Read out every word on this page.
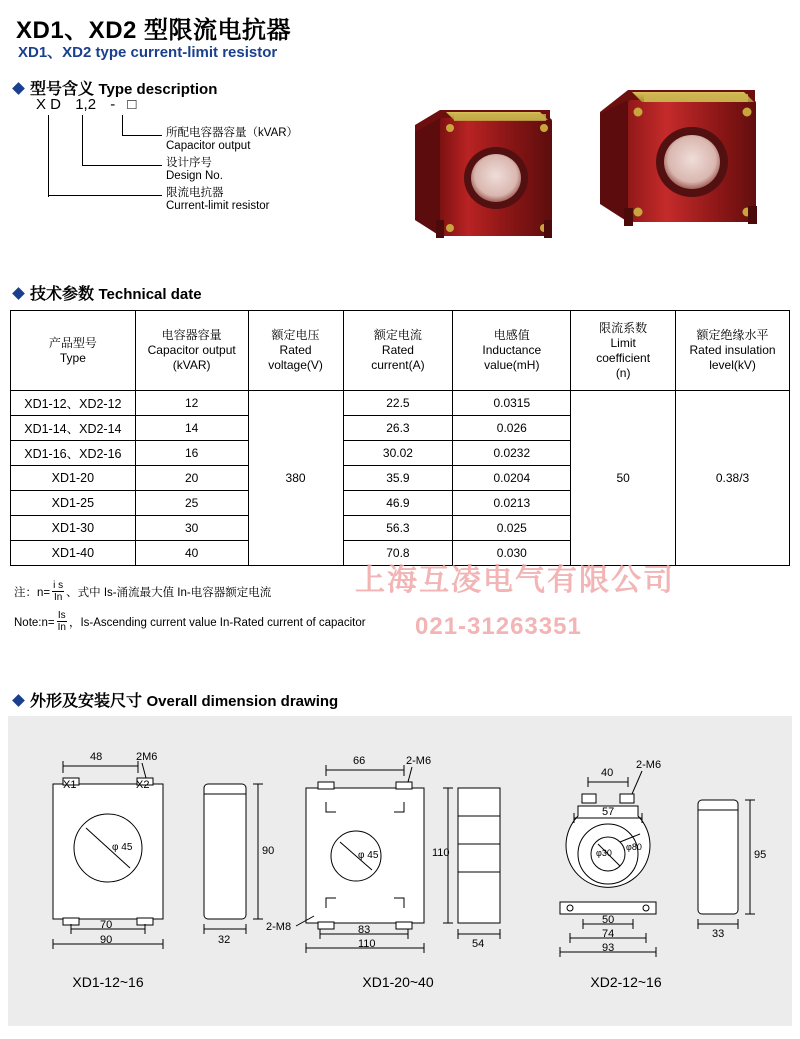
XD1、XD2 型限流电抗器
XD1、XD2 type current-limit resistor
型号含义 Type description
X D 1,2 - □
所配电容器容量（kVAR）
Capacitor output
设计序号
Design No.
限流电抗器
Current-limit resistor
技术参数 Technical date
产品型号
Type

电容器容量
Capacitor output
(kVAR)

额定电压
Rated
voltage(V)

额定电流
Rated
current(A)

电感值
Inductance
value(mH)

限流系数
Limit
coefficient
(n)

额定绝缘水平
Rated insulation
level(kV)

XD1-12、XD2-12	12	380	22.5	0.0315	50	0.38/3
XD1-14、XD2-14	14		26.3	0.026		
XD1-16、XD2-16	16		30.02	0.0232		
XD1-20	20		35.9	0.0204		
XD1-25	25		46.9	0.0213		
XD1-30	30		56.3	0.025		
XD1-40	40		70.8	0.030		
注：$n= \frac{\text{i s}}{In}$ 、式中 Is-涌流最大值 In-电容器额定电流
Note:n= $\frac{Is}{In}$ ，Is-Ascending current value In-Rated current of capacitor
上海互凌电气有限公司
021-31263351
外形及安装尺寸 Overall dimension drawing
φ 45
48	2M6
X1	X2
70
90
90
32
φ 45
66	2-M6
2-M8	83
110
110
54
φ30
φ80
40
2-M6
57
50
74
93
95
33
XD1-12~16	XD1-20~40	XD2-12~16
